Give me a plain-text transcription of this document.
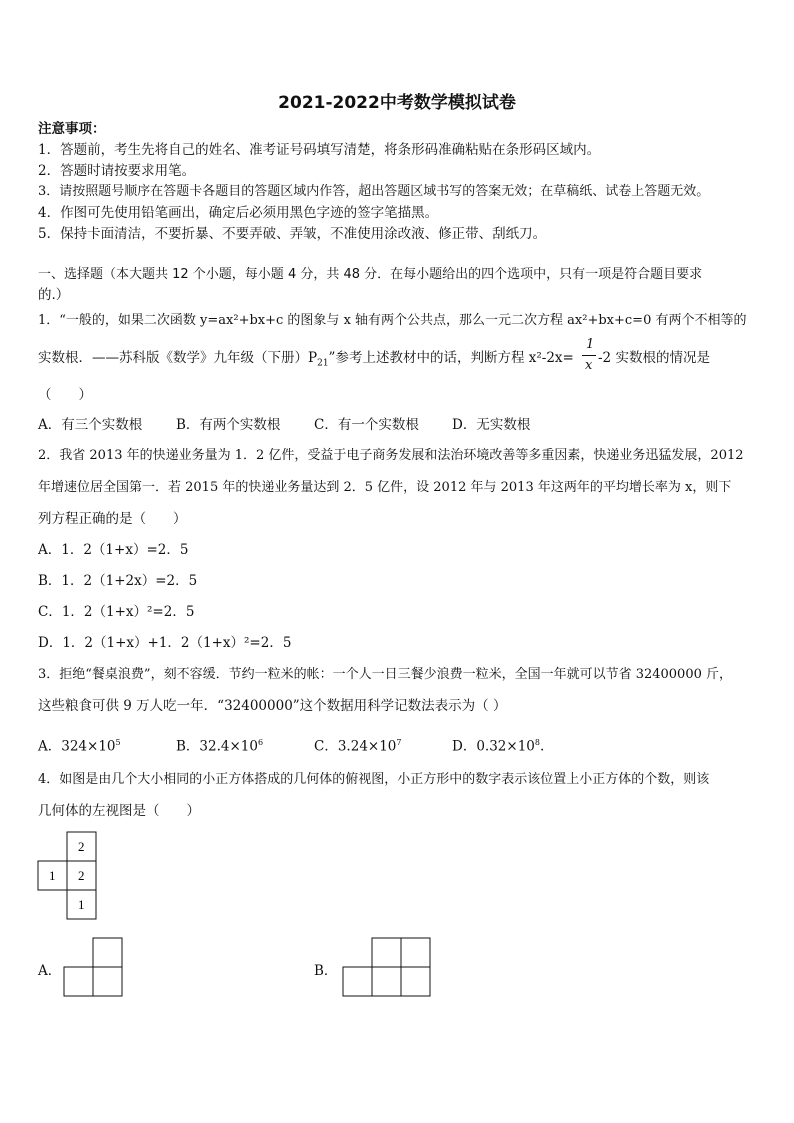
2021-2022中考数学模拟试卷
注意事项：
1．答题前，考生先将自己的姓名、准考证号码填写清楚，将条形码准确粘贴在条形码区域内。
2．答题时请按要求用笔。
3．请按照题号顺序在答题卡各题目的答题区域内作答，超出答题区域书写的答案无效；在草稿纸、试卷上答题无效。
4．作图可先使用铅笔画出，确定后必须用黑色字迹的签字笔描黑。
5．保持卡面清洁，不要折暴、不要弄破、弄皱，不准使用涂改液、修正带、刮纸刀。
一、选择题（本大题共 12 个小题，每小题 4 分，共 48 分．在每小题给出的四个选项中，只有一项是符合题目要求
的.）
1．“一般的，如果二次函数 y=ax²+bx+c 的图象与 x 轴有两个公共点，那么一元二次方程 ax²+bx+c=0 有两个不相等的
实数根．——苏科版《数学》九年级（下册）$P_{21}$”参考上述教材中的话，判断方程 x²-2x=
1
x -2 实数根的情况是
（　　）
A．有三个实数根	B．有两个实数根 C．有一个实数根 D．无实数根
2．我省 2013 年的快递业务量为 1．2 亿件，受益于电子商务发展和法治环境改善等多重因素，快递业务迅猛发展，2012
年增速位居全国第一．若 2015 年的快递业务量达到 2．5 亿件，设 2012 年与 2013 年这两年的平均增长率为 x，则下
列方程正确的是（　　）
A．1．2（1+x）=2．5
B．1．2（1+2x）=2．5
C．1．2（1+x）²=2．5
D．1．2（1+x）+1．2（1+x）²=2．5
3．拒绝“餐桌浪费”，刻不容缓．节约一粒米的帐：一个人一日三餐少浪费一粒米，全国一年就可以节省 32400000 斤，
这些粮食可供 9 万人吃一年．“32400000”这个数据用科学记数法表示为（ ）
A．$324\times 10^5$	B．$32.4\times 10^6$	C．$3.24\times 10^7$	D．$0.32\times 10^8$.
4．如图是由几个大小相同的小正方体搭成的几何体的俯视图，小正方形中的数字表示该位置上小正方体的个数，则该
几何体的左视图是（　　）
2
1 2
1
A．	B．
